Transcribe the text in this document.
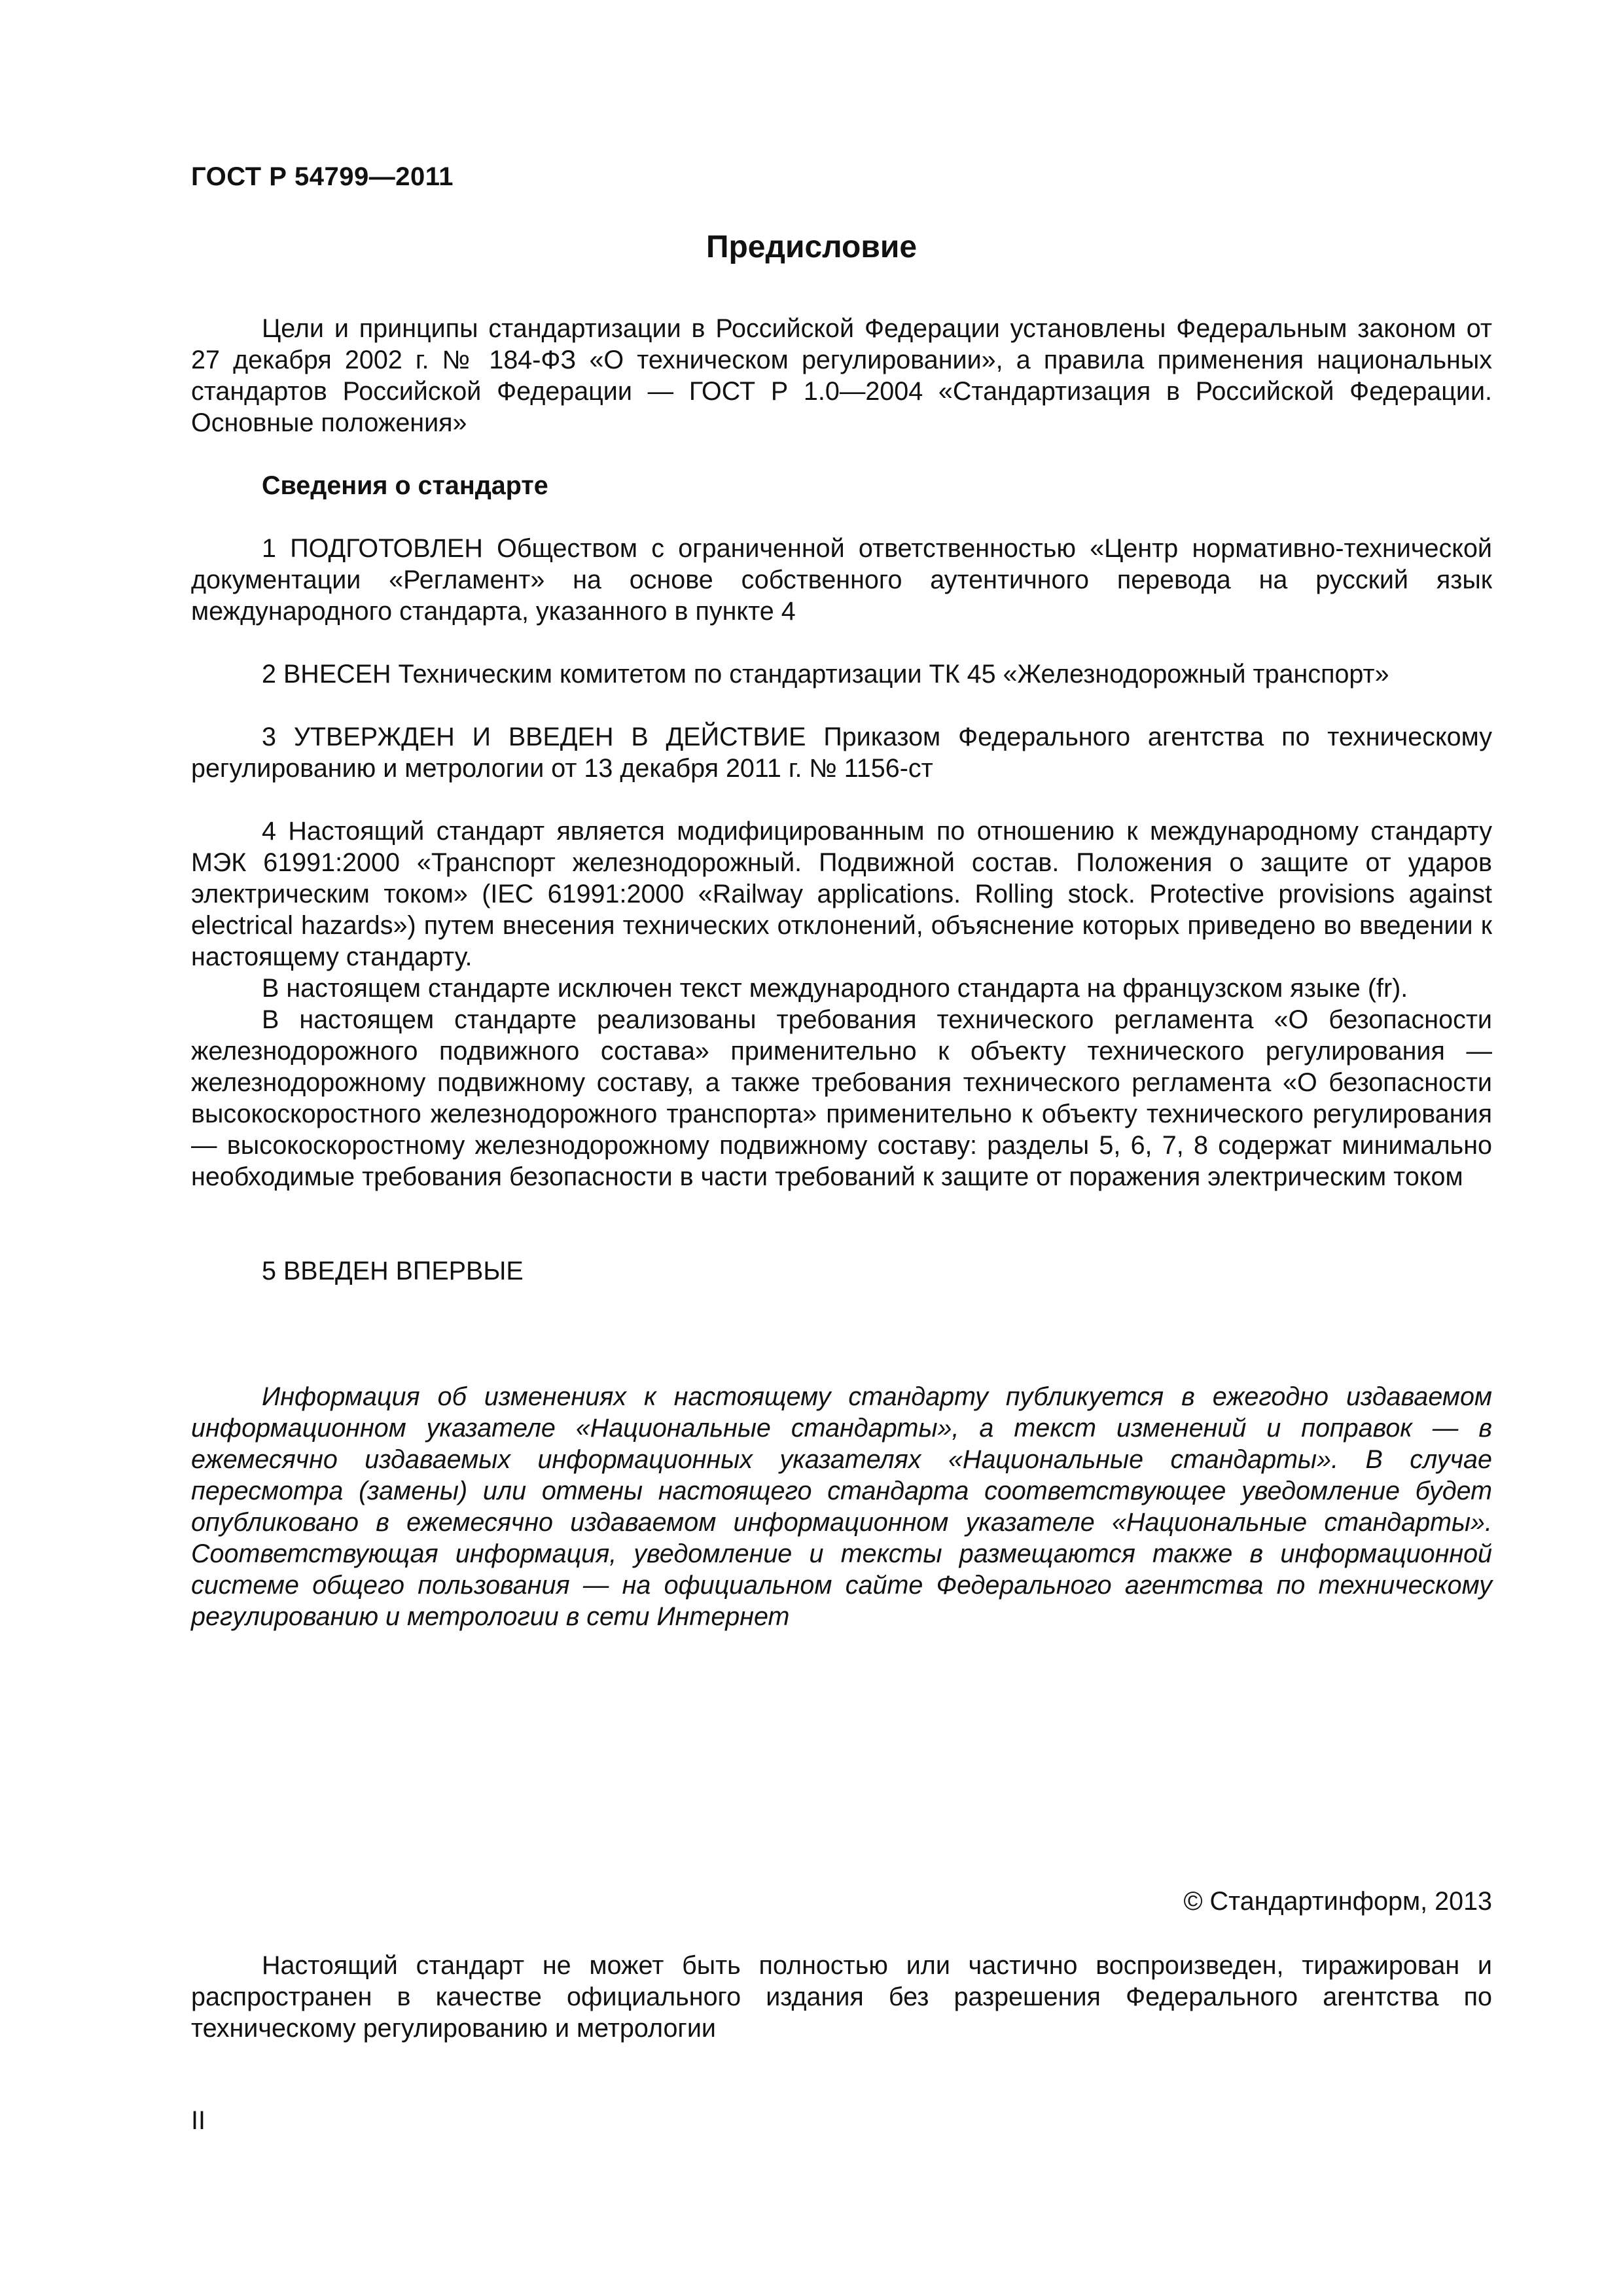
ГОСТ Р 54799—2011
Предисловие

Цели и принципы стандартизации в Российской Федерации установлены Федеральным законом от 27 декабря 2002 г. № 184-ФЗ «О техническом регулировании», а правила применения национальных стандартов Российской Федерации — ГОСТ Р 1.0—2004 «Стандартизация в Российской Федерации. Основные положения»

Сведения о стандарте

1 ПОДГОТОВЛЕН Обществом с ограниченной ответственностью «Центр нормативно-технической документации «Регламент» на основе собственного аутентичного перевода на русский язык международного стандарта, указанного в пункте 4

2 ВНЕСЕН Техническим комитетом по стандартизации ТК 45 «Железнодорожный транспорт»

3 УТВЕРЖДЕН И ВВЕДЕН В ДЕЙСТВИЕ Приказом Федерального агентства по техническому регулированию и метрологии от 13 декабря 2011 г. № 1156-ст

4 Настоящий стандарт является модифицированным по отношению к международному стандарту МЭК 61991:2000 «Транспорт железнодорожный. Подвижной состав. Положения о защите от ударов электрическим током» (IEC 61991:2000 «Railway applications. Rolling stock. Protective provisions against electrical hazards») путем внесения технических отклонений, объяснение которых приведено во введении к настоящему стандарту.

В настоящем стандарте исключен текст международного стандарта на французском языке (fr).

В настоящем стандарте реализованы требования технического регламента «О безопасности железнодорожного подвижного состава» применительно к объекту технического регулирования — железнодорожному подвижному составу, а также требования технического регламента «О безопасности высокоскоростного железнодорожного транспорта» применительно к объекту технического регулирования — высокоскоростному железнодорожному подвижному составу: разделы 5, 6, 7, 8 содержат минимально необходимые требования безопасности в части требований к защите от поражения электрическим током

5 ВВЕДЕН ВПЕРВЫЕ

Информация об изменениях к настоящему стандарту публикуется в ежегодно издаваемом информационном указателе «Национальные стандарты», а текст изменений и поправок — в ежемесячно издаваемых информационных указателях «Национальные стандарты». В случае пересмотра (замены) или отмены настоящего стандарта соответствующее уведомление будет опубликовано в ежемесячно издаваемом информационном указателе «Национальные стандарты». Соответствующая информация, уведомление и тексты размещаются также в информационной системе общего пользования — на официальном сайте Федерального агентства по техническому регулированию и метрологии в сети Интернет

© Стандартинформ, 2013

Настоящий стандарт не может быть полностью или частично воспроизведен, тиражирован и распространен в качестве официального издания без разрешения Федерального агентства по техническому регулированию и метрологии

II
